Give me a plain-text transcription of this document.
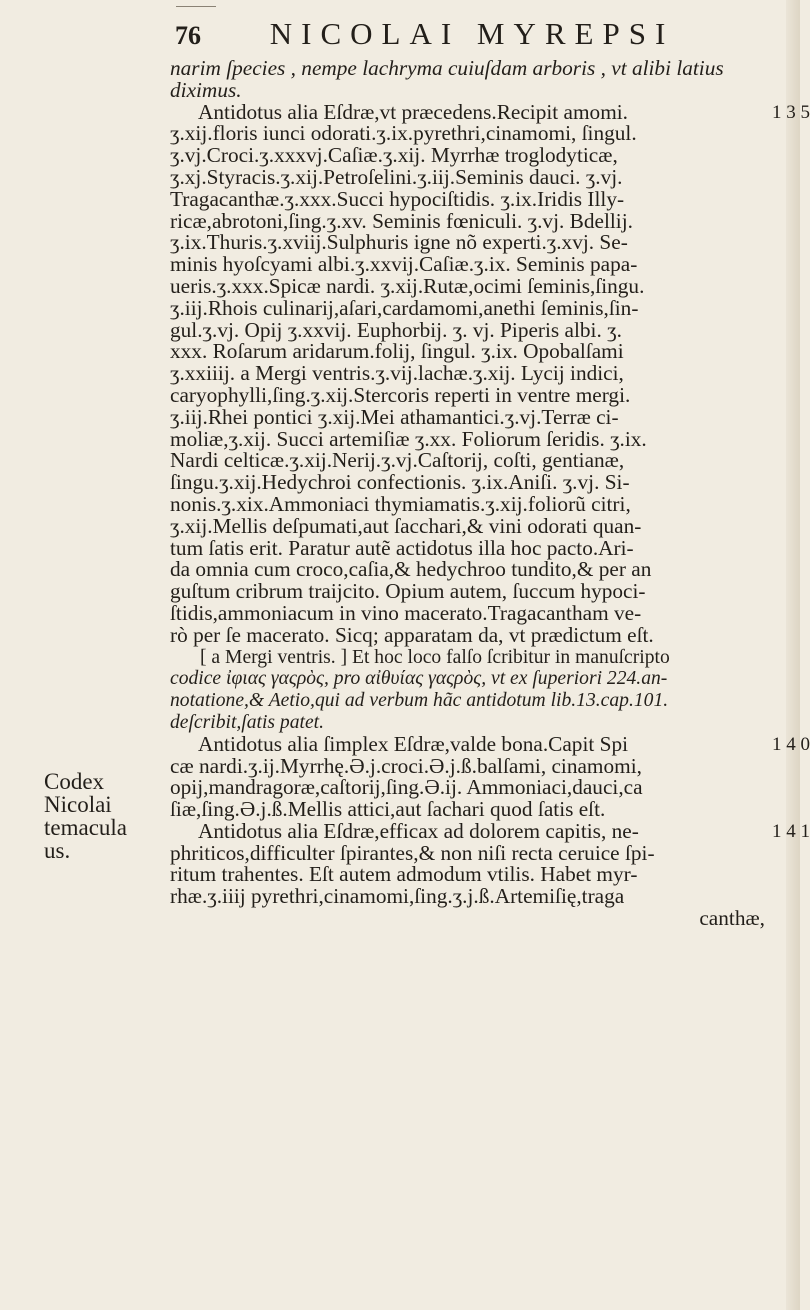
76 NICOLAI MYREPSI
narim ſpecies , nempe lachryma cuiuſdam arboris , vt alibi latius
diximus.
Antidotus alia Eſdræ,vt præcedens.Recipit amomi.
ʒ.xij.floris iunci odorati.ʒ.ix.pyrethri,cinamomi, ſingul.
ʒ.vj.Croci.ʒ.xxxvj.Caſiæ.ʒ.xij. Myrrhæ troglodyticæ,
ʒ.xj.Styracis.ʒ.xij.Petroſelini.ʒ.iij.Seminis dauci. ʒ.vj.
Tragacanthæ.ʒ.xxx.Succi hypociſtidis. ʒ.ix.Iridis Illy-
ricæ,abrotoni,ſing.ʒ.xv. Seminis fœniculi. ʒ.vj. Bdellij.
ʒ.ix.Thuris.ʒ.xviij.Sulphuris igne nõ experti.ʒ.xvj. Se-
minis hyoſcyami albi.ʒ.xxvij.Caſiæ.ʒ.ix. Seminis papa-
ueris.ʒ.xxx.Spicæ nardi. ʒ.xij.Rutæ,ocimi ſeminis,ſingu.
ʒ.iij.Rhois culinarij,aſari,cardamomi,anethi ſeminis,ſin-
gul.ʒ.vj. Opij ʒ.xxvij. Euphorbij. ʒ. vj. Piperis albi. ʒ.
xxx. Roſarum aridarum.folij, ſingul. ʒ.ix. Opobalſami
ʒ.xxiiij. a Mergi ventris.ʒ.vij.lachæ.ʒ.xij. Lycij indici,
caryophylli,ſing.ʒ.xij.Stercoris reperti in ventre mergi.
ʒ.iij.Rhei pontici ʒ.xij.Mei athamantici.ʒ.vj.Terræ ci-
moliæ,ʒ.xij. Succi artemiſiæ ʒ.xx. Foliorum ſeridis. ʒ.ix.
Nardi celticæ.ʒ.xij.Nerij.ʒ.vj.Caſtorij, coſti, gentianæ,
ſingu.ʒ.xij.Hedychroi confectionis. ʒ.ix.Aniſi. ʒ.vj. Si-
nonis.ʒ.xix.Ammoniaci thymiamatis.ʒ.xij.foliorũ citri,
ʒ.xij.Mellis deſpumati,aut ſacchari,& vini odorati quan-
tum ſatis erit. Paratur autẽ actidotus illa hoc pacto.Ari-
da omnia cum croco,caſia,& hedychroo tundito,& per an
guſtum cribrum traijcito. Opium autem, ſuccum hypoci-
ſtidis,ammoniacum in vino macerato.Tragacantham ve-
rò per ſe macerato. Sicq; apparatam da, vt prædictum eſt.
[ a Mergi ventris. ] Et hoc loco falſo ſcribitur in manuſcripto
codice ἰφιας γαςρὸς, pro αἰθυίας γαςρὸς, vt ex ſuperiori 224.an-
notatione,& Aetio,qui ad verbum hãc antidotum lib.13.cap.101.
deſcribit,ſatis patet.
Antidotus alia ſimplex Eſdræ,valde bona.Capit Spi
cæ nardi.ʒ.ij.Myrrhę.Ə.j.croci.Ə.j.ß.balſami, cinamomi,
opij,mandragoræ,caſtorij,ſing.Ə.ij. Ammoniaci,dauci,ca
ſiæ,ſing.Ə.j.ß.Mellis attici,aut ſachari quod ſatis eſt.
Antidotus alia Eſdræ,efficax ad dolorem capitis, ne-
phriticos,difficulter ſpirantes,& non niſi recta ceruice ſpi-
ritum trahentes. Eſt autem admodum vtilis. Habet myr-
rhæ.ʒ.iiij pyrethri,cinamomi,ſing.ʒ.j.ß.Artemiſię,traga
canthæ,
1 3 5
1 4 0
1 4 1
Codex
Nicolai
temacula
us.
